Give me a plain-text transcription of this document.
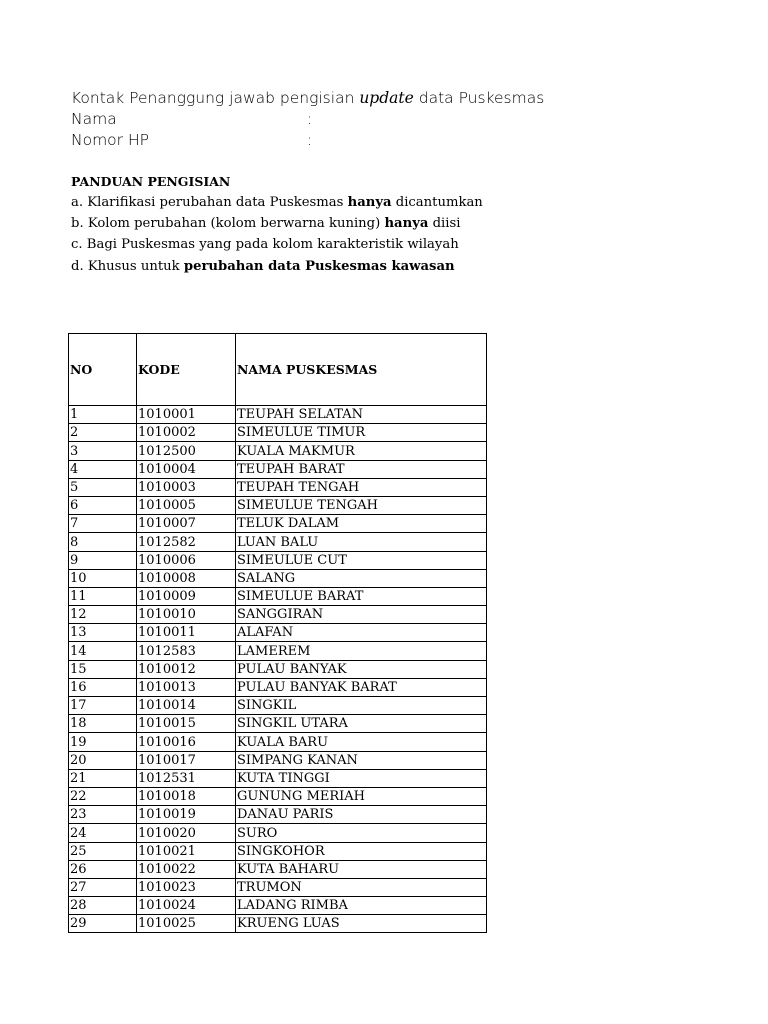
Kontak Penanggung jawab pengisian update data Puskesmas
Nama	:
Nomor HP	:
PANDUAN PENGISIAN
a. Klarifikasi perubahan data Puskesmas hanya dicantumkan
b. Kolom perubahan (kolom berwarna kuning) hanya diisi
c. Bagi Puskesmas yang pada kolom karakteristik wilayah
d. Khusus untuk perubahan data Puskesmas kawasan
NO	KODE	NAMA PUSKESMAS
1	1010001	TEUPAH SELATAN
2	1010002	SIMEULUE TIMUR
3	1012500	KUALA MAKMUR
4	1010004	TEUPAH BARAT
5	1010003	TEUPAH TENGAH
6	1010005	SIMEULUE TENGAH
7	1010007	TELUK DALAM
8	1012582	LUAN BALU
9	1010006	SIMEULUE CUT
10	1010008	SALANG
11	1010009	SIMEULUE BARAT
12	1010010	SANGGIRAN
13	1010011	ALAFAN
14	1012583	LAMEREM
15	1010012	PULAU BANYAK
16	1010013	PULAU BANYAK BARAT
17	1010014	SINGKIL
18	1010015	SINGKIL UTARA
19	1010016	KUALA BARU
20	1010017	SIMPANG KANAN
21	1012531	KUTA TINGGI
22	1010018	GUNUNG MERIAH
23	1010019	DANAU PARIS
24	1010020	SURO
25	1010021	SINGKOHOR
26	1010022	KUTA BAHARU
27	1010023	TRUMON
28	1010024	LADANG RIMBA
29	1010025	KRUENG LUAS
